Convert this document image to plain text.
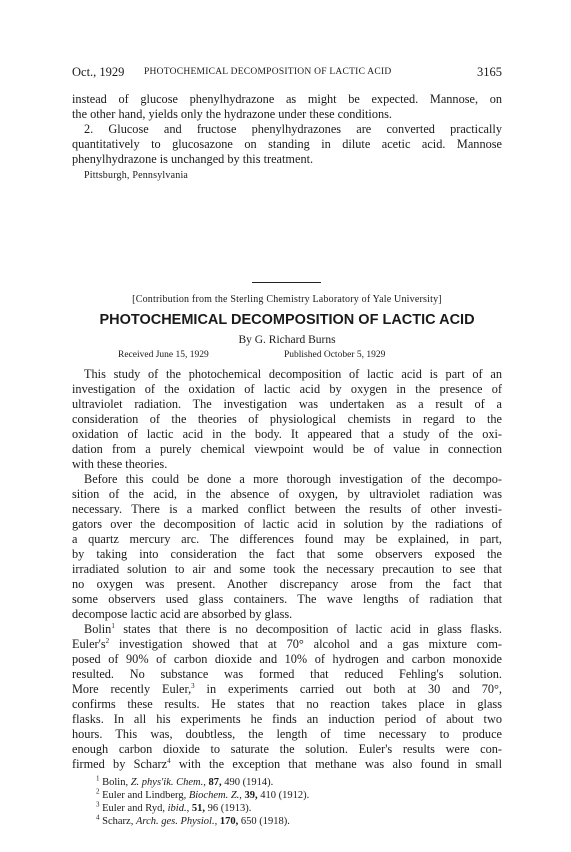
Oct., 1929 PHOTOCHEMICAL DECOMPOSITION OF LACTIC ACID	3165
instead of glucose phenylhydrazone as might be expected. Mannose, on
the other hand, yields only the hydrazone under these conditions.
2. Glucose and fructose phenylhydrazones are converted practically
quantitatively to glucosazone on standing in dilute acetic acid. Mannose
phenylhydrazone is unchanged by this treatment.
Pittsburgh, Pennsylvania
[Contribution from the Sterling Chemistry Laboratory of Yale University]
PHOTOCHEMICAL DECOMPOSITION OF LACTIC ACID
By G. Richard Burns
Received June 15, 1929	Published October 5, 1929
This study of the photochemical decomposition of lactic acid is part of an
investigation of the oxidation of lactic acid by oxygen in the presence of
ultraviolet radiation. The investigation was undertaken as a result of a
consideration of the theories of physiological chemists in regard to the
oxidation of lactic acid in the body. It appeared that a study of the oxi-
dation from a purely chemical viewpoint would be of value in connection
with these theories.
Before this could be done a more thorough investigation of the decompo-
sition of the acid, in the absence of oxygen, by ultraviolet radiation was
necessary. There is a marked conflict between the results of other investi-
gators over the decomposition of lactic acid in solution by the radiations of
a quartz mercury arc. The differences found may be explained, in part,
by taking into consideration the fact that some observers exposed the
irradiated solution to air and some took the necessary precaution to see that
no oxygen was present. Another discrepancy arose from the fact that
some observers used glass containers. The wave lengths of radiation that
decompose lactic acid are absorbed by glass.
Bolin$^1$ states that there is no decomposition of lactic acid in glass flasks.
$Euler's^2$ investigation showed that at 70° alcohol and a gas mixture com-
posed of 90% of carbon dioxide and 10% of hydrogen and carbon monoxide
resulted. No substance was formed that reduced Fehling's solution.
More recently Euler,$^3$ in experiments carried out both at 30 and 70°,
confirms these results. He states that no reaction takes place in glass
flasks. In all his experiments he finds an induction period of about two
hours. This was, doubtless, the length of time necessary to produce
enough carbon dioxide to saturate the solution. Euler's results were con-
firmed by Scharz$^4$ with the exception that methane was also found in small
$^1$ Bolin, Z. phys'ik. Chem., 87, 490 (1914).
$^2$ Euler and Lindberg, Biochem. Z., 39, 410 (1912).
$^3$ Euler and Ryd, ibid., 51, 96 (1913).
$^4$ Scharz, Arch. ges. Physiol., 170, 650 (1918).
